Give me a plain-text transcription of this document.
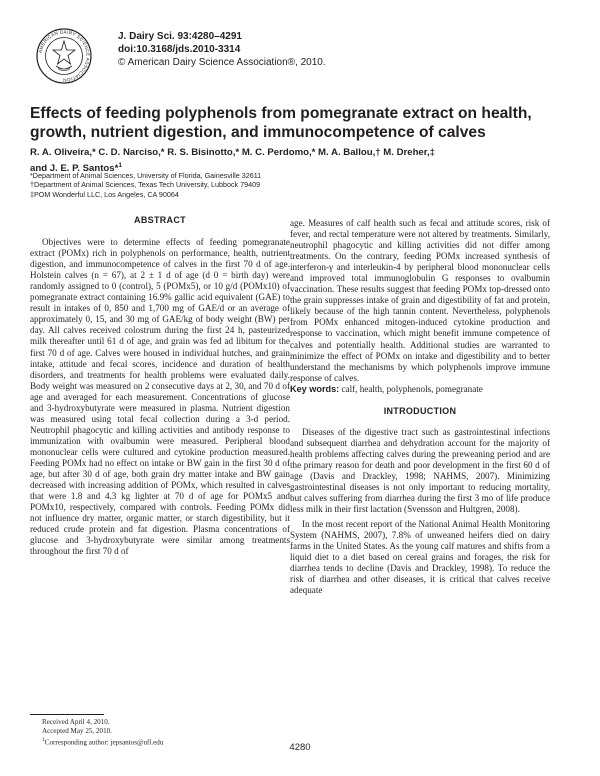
AMERICAN DAIRY SCIENCE ASSOCIATION
J. Dairy Sci. 93:4280–4291
doi:10.3168/jds.2010-3314
© American Dairy Science Association®, 2010.
Effects of feeding polyphenols from pomegranate extract on health,
growth, nutrient digestion, and immunocompetence of calves
R. A. Oliveira,* C. D. Narciso,* R. S. Bisinotto,* M. C. Perdomo,* M. A. Ballou,† M. Dreher,‡
and J. E. P. Santos*$^1$
*Department of Animal Sciences, University of Florida, Gainesville 32611
†Department of Animal Sciences, Texas Tech University, Lubbock 79409
‡POM Wonderful LLC, Los Angeles, CA 90064
ABSTRACT

Objectives were to determine effects of feeding pomegranate extract (POMx) rich in polyphenols on performance, health, nutrient digestion, and immunocompetence of calves in the first 70 d of age. Holstein calves (n = 67), at 2 ± 1 d of age (d 0 = birth day) were randomly assigned to 0 (control), 5 (POMx5), or 10 g/d (POMx10) of pomegranate extract containing 16.9% gallic acid equivalent (GAE) to result in intakes of 0, 850 and 1,700 mg of GAE/d or an average of approximately 0, 15, and 30 mg of GAE/kg of body weight (BW) per day. All calves received colostrum during the first 24 h, pasteurized milk thereafter until 61 d of age, and grain was fed ad libitum for the first 70 d of age. Calves were housed in individual hutches, and grain intake, attitude and fecal scores, incidence and duration of health disorders, and treatments for health problems were evaluated daily. Body weight was measured on 2 consecutive days at 2, 30, and 70 d of age and averaged for each measurement. Concentrations of glucose and 3-hydroxybutyrate were measured in plasma. Nutrient digestion was measured using total fecal collection during a 3-d period. Neutrophil phagocytic and killing activities and antibody response to immunization with ovalbumin were measured. Peripheral blood mononuclear cells were cultured and cytokine production measured. Feeding POMx had no effect on intake or BW gain in the first 30 d of age, but after 30 d of age, both grain dry matter intake and BW gain decreased with increasing addition of POMx, which resulted in calves that were 1.8 and 4.3 kg lighter at 70 d of age for POMx5 and POMx10, respectively, compared with controls. Feeding POMx did not influence dry matter, organic matter, or starch digestibility, but it reduced crude protein and fat digestion. Plasma concentrations of glucose and 3-hydroxybutyrate were similar among treatments throughout the first 70 d of

age. Measures of calf health such as fecal and attitude scores, risk of fever, and rectal temperature were not altered by treatments. Similarly, neutrophil phagocytic and killing activities did not differ among treatments. On the contrary, feeding POMx increased synthesis of interferon-γ and interleukin-4 by peripheral blood mononuclear cells and improved total immunoglobulin G responses to ovalbumin vaccination. These results suggest that feeding POMx top-dressed onto the grain suppresses intake of grain and digestibility of fat and protein, likely because of the high tannin content. Nevertheless, polyphenols from POMx enhanced mitogen-induced cytokine production and response to vaccination, which might benefit immune competence of calves and potentially health. Additional studies are warranted to minimize the effect of POMx on intake and digestibility and to better understand the mechanisms by which polyphenols improve immune response of calves.

Key words: calf, health, polyphenols, pomegranate

INTRODUCTION

Diseases of the digestive tract such as gastrointestinal infections and subsequent diarrhea and dehydration account for the majority of health problems affecting calves during the preweaning period and are the primary reason for death and poor development in the first 60 d of age (Davis and Drackley, 1998; NAHMS, 2007). Minimizing gastrointestinal diseases is not only important to reducing mortality, but calves suffering from diarrhea during the first 3 mo of life produce less milk in their first lactation (Svensson and Hultgren, 2008).

In the most recent report of the National Animal Health Monitoring System (NAHMS, 2007), 7.8% of unweaned heifers died on dairy farms in the United States. As the young calf matures and shifts from a liquid diet to a diet based on cereal grains and forages, the risk for diarrhea tends to decline (Davis and Drackley, 1998). To reduce the risk of diarrhea and other diseases, it is critical that calves receive adequate

Received April 4, 2010.
Accepted May 25, 2010.
$^1$Corresponding author: jepsantos@ufl.edu	4280
